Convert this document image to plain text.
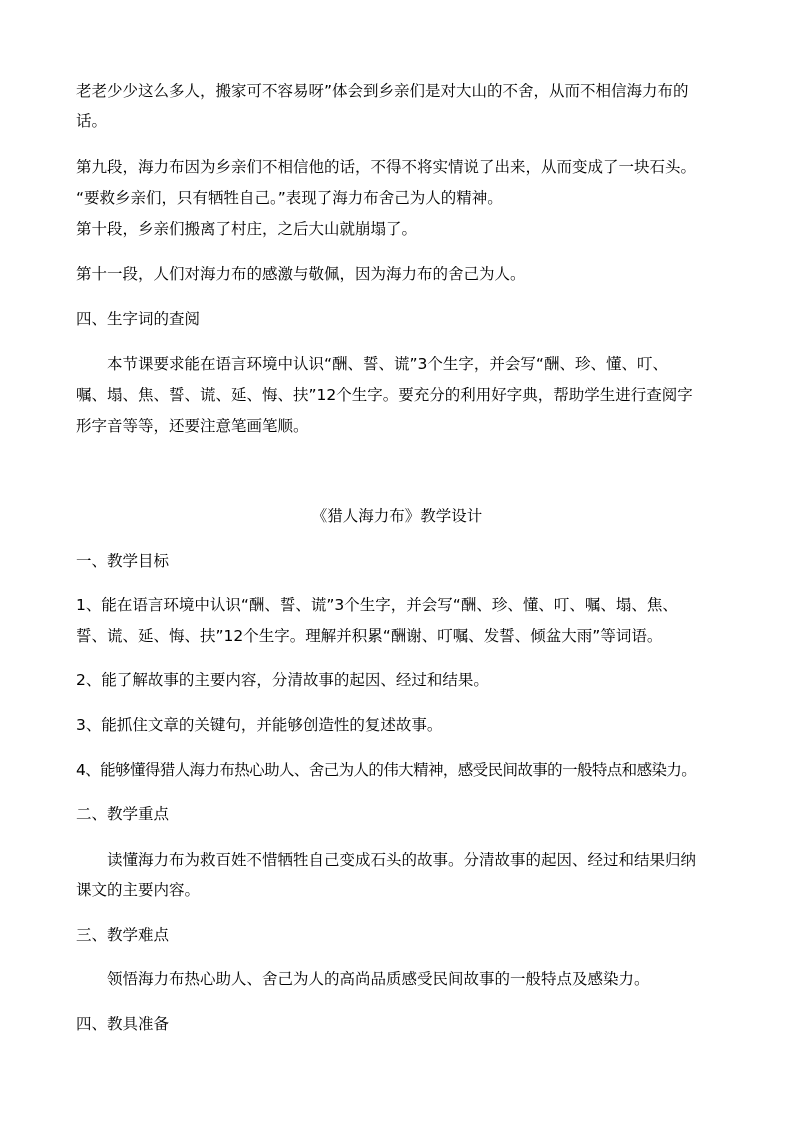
老老少少这么多人，搬家可不容易呀”体会到乡亲们是对大山的不舍，从而不相信海力布的
话。
第九段，海力布因为乡亲们不相信他的话，不得不将实情说了出来，从而变成了一块石头。
“要救乡亲们，只有牺牲自己。”表现了海力布舍己为人的精神。
第十段，乡亲们搬离了村庄，之后大山就崩塌了。
第十一段，人们对海力布的感激与敬佩，因为海力布的舍己为人。
四、生字词的查阅
本节课要求能在语言环境中认识“酬、誓、谎”3个生字，并会写“酬、珍、懂、叮、
嘱、塌、焦、誓、谎、延、悔、扶”12个生字。要充分的利用好字典，帮助学生进行查阅字
形字音等等，还要注意笔画笔顺。
《猎人海力布》教学设计
一、教学目标
1、能在语言环境中认识“酬、誓、谎”3个生字，并会写“酬、珍、懂、叮、嘱、塌、焦、
誓、谎、延、悔、扶”12个生字。理解并积累“酬谢、叮嘱、发誓、倾盆大雨”等词语。
2、能了解故事的主要内容，分清故事的起因、经过和结果。
3、能抓住文章的关键句，并能够创造性的复述故事。
4、能够懂得猎人海力布热心助人、舍己为人的伟大精神，感受民间故事的一般特点和感染力。
二、教学重点
读懂海力布为救百姓不惜牺牲自己变成石头的故事。分清故事的起因、经过和结果归纳
课文的主要内容。
三、教学难点
领悟海力布热心助人、舍己为人的高尚品质感受民间故事的一般特点及感染力。
四、教具准备
